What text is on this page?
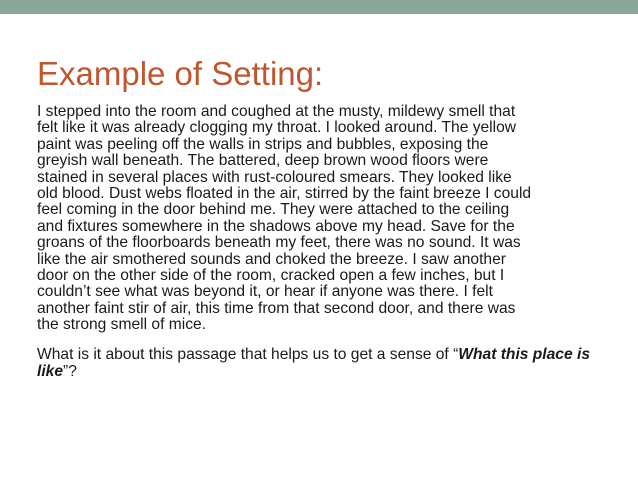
Example of Setting:

I stepped into the room and coughed at the musty, mildewy smell that
felt like it was already clogging my throat. I looked around. The yellow
paint was peeling off the walls in strips and bubbles, exposing the
greyish wall beneath. The battered, deep brown wood floors were
stained in several places with rust-coloured smears. They looked like
old blood. Dust webs floated in the air, stirred by the faint breeze I could
feel coming in the door behind me. They were attached to the ceiling
and fixtures somewhere in the shadows above my head. Save for the
groans of the floorboards beneath my feet, there was no sound. It was
like the air smothered sounds and choked the breeze. I saw another
door on the other side of the room, cracked open a few inches, but I
couldn’t see what was beyond it, or hear if anyone was there. I felt
another faint stir of air, this time from that second door, and there was
the strong smell of mice.

What is it about this passage that helps us to get a sense of “What this place is like”?
